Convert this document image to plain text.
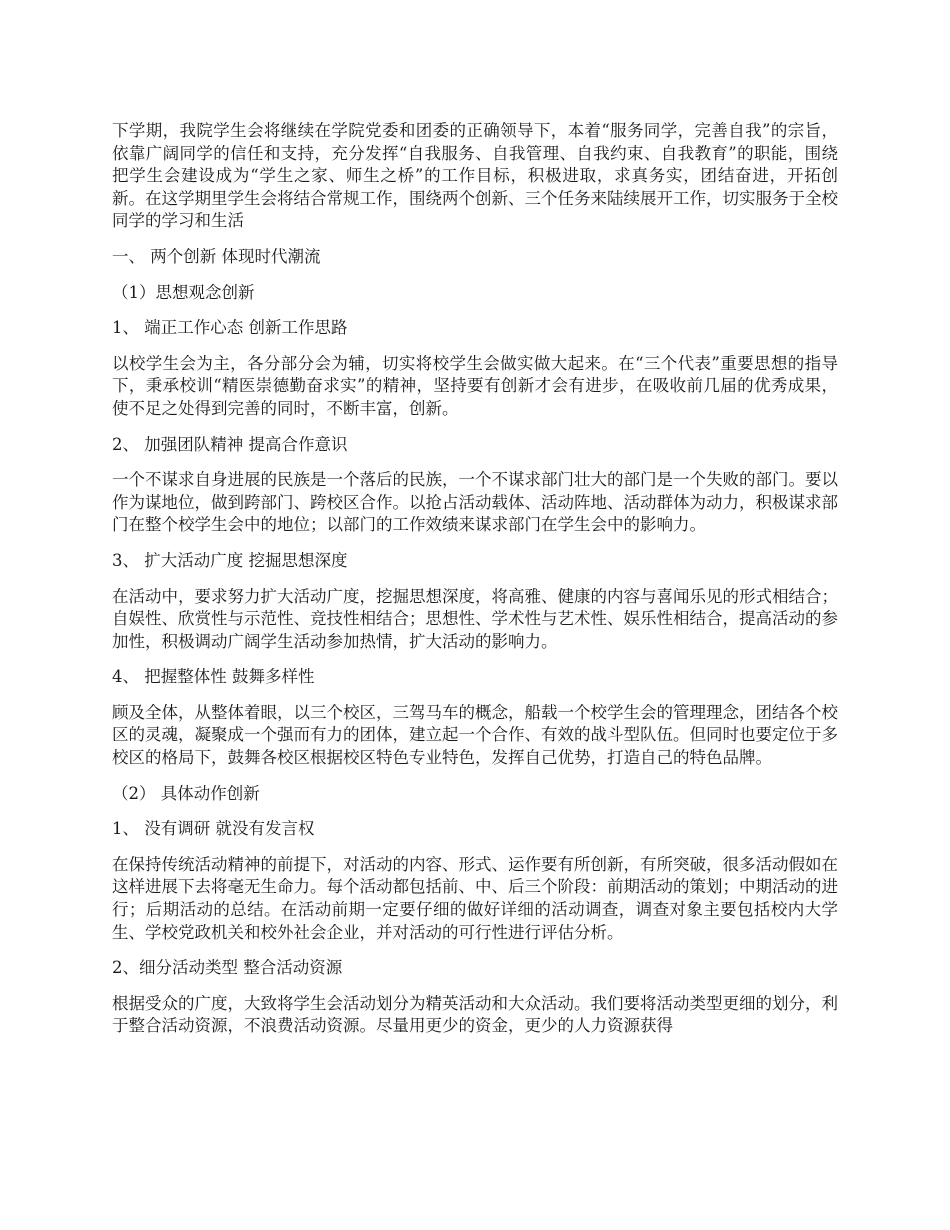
下学期，我院学生会将继续在学院党委和团委的正确领导下，本着“服务同学，完善自我”的宗旨，依靠广阔同学的信任和支持，充分发挥“自我服务、自我管理、自我约束、自我教育”的职能，围绕把学生会建设成为“学生之家、师生之桥”的工作目标，积极进取，求真务实，团结奋进，开拓创新。在这学期里学生会将结合常规工作，围绕两个创新、三个任务来陆续展开工作，切实服务于全校同学的学习和生活

一、 两个创新 体现时代潮流

（1）思想观念创新

1、 端正工作心态 创新工作思路

以校学生会为主，各分部分会为辅，切实将校学生会做实做大起来。在“三个代表”重要思想的指导下，秉承校训“精医崇德勤奋求实”的精神，坚持要有创新才会有进步，在吸收前几届的优秀成果，使不足之处得到完善的同时，不断丰富，创新。

2、 加强团队精神 提高合作意识

一个不谋求自身进展的民族是一个落后的民族，一个不谋求部门壮大的部门是一个失败的部门。要以作为谋地位，做到跨部门、跨校区合作。以抢占活动载体、活动阵地、活动群体为动力，积极谋求部门在整个校学生会中的地位；以部门的工作效绩来谋求部门在学生会中的影响力。

3、 扩大活动广度 挖掘思想深度

在活动中，要求努力扩大活动广度，挖掘思想深度，将高雅、健康的内容与喜闻乐见的形式相结合；自娱性、欣赏性与示范性、竞技性相结合；思想性、学术性与艺术性、娱乐性相结合，提高活动的参加性，积极调动广阔学生活动参加热情，扩大活动的影响力。

4、 把握整体性 鼓舞多样性

顾及全体，从整体着眼，以三个校区，三驾马车的概念，船载一个校学生会的管理理念，团结各个校区的灵魂，凝聚成一个强而有力的团体，建立起一个合作、有效的战斗型队伍。但同时也要定位于多校区的格局下，鼓舞各校区根据校区特色专业特色，发挥自己优势，打造自己的特色品牌。

（2） 具体动作创新

1、 没有调研 就没有发言权

在保持传统活动精神的前提下，对活动的内容、形式、运作要有所创新，有所突破，很多活动假如在这样进展下去将毫无生命力。每个活动都包括前、中、后三个阶段：前期活动的策划；中期活动的进行；后期活动的总结。在活动前期一定要仔细的做好详细的活动调查，调查对象主要包括校内大学生、学校党政机关和校外社会企业，并对活动的可行性进行评估分析。

2、细分活动类型 整合活动资源

根据受众的广度，大致将学生会活动划分为精英活动和大众活动。我们要将活动类型更细的划分，利于整合活动资源，不浪费活动资源。尽量用更少的资金，更少的人力资源获得
